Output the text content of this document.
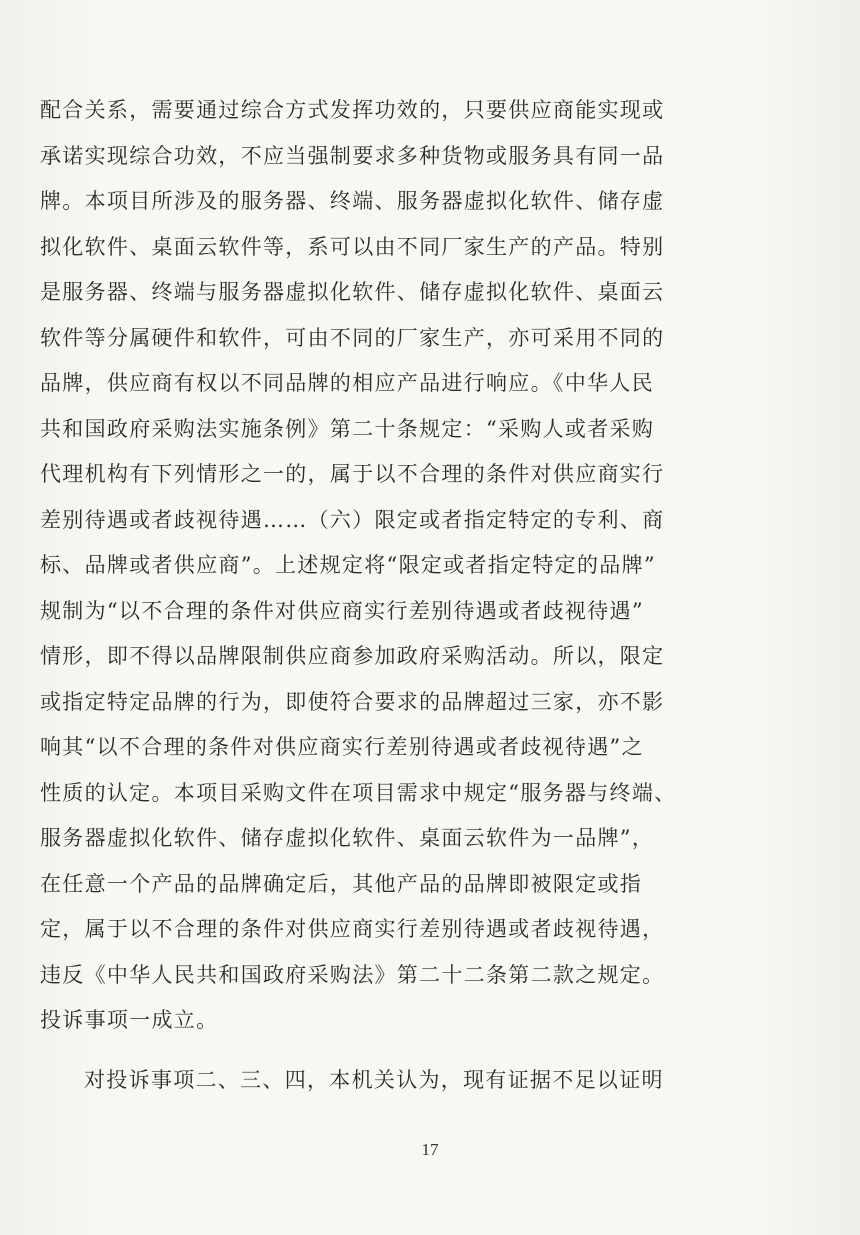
配合关系，需要通过综合方式发挥功效的，只要供应商能实现或
承诺实现综合功效，不应当强制要求多种货物或服务具有同一品
牌。本项目所涉及的服务器、终端、服务器虚拟化软件、储存虚
拟化软件、桌面云软件等，系可以由不同厂家生产的产品。特别
是服务器、终端与服务器虚拟化软件、储存虚拟化软件、桌面云
软件等分属硬件和软件，可由不同的厂家生产，亦可采用不同的
品牌，供应商有权以不同品牌的相应产品进行响应。《中华人民
共和国政府采购法实施条例》第二十条规定：“采购人或者采购
代理机构有下列情形之一的，属于以不合理的条件对供应商实行
差别待遇或者歧视待遇……（六）限定或者指定特定的专利、商
标、品牌或者供应商”。上述规定将“限定或者指定特定的品牌”
规制为“以不合理的条件对供应商实行差别待遇或者歧视待遇”
情形，即不得以品牌限制供应商参加政府采购活动。所以，限定
或指定特定品牌的行为，即使符合要求的品牌超过三家，亦不影
响其“以不合理的条件对供应商实行差别待遇或者歧视待遇”之
性质的认定。本项目采购文件在项目需求中规定“服务器与终端、
服务器虚拟化软件、储存虚拟化软件、桌面云软件为一品牌”，
在任意一个产品的品牌确定后，其他产品的品牌即被限定或指
定，属于以不合理的条件对供应商实行差别待遇或者歧视待遇，
违反《中华人民共和国政府采购法》第二十二条第二款之规定。
投诉事项一成立。
对投诉事项二、三、四，本机关认为，现有证据不足以证明
17
